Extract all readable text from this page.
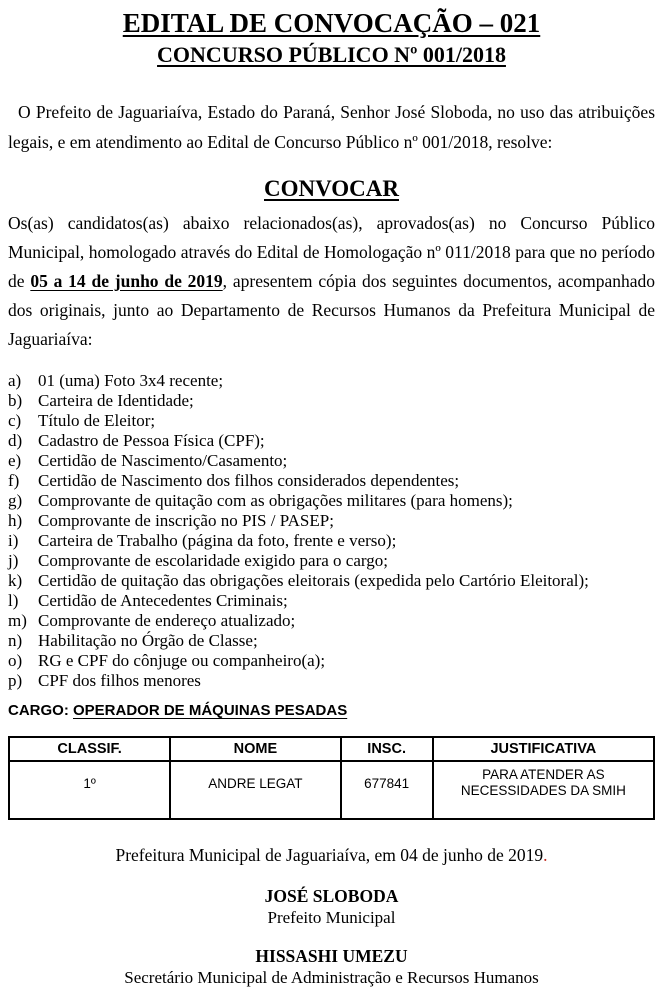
EDITAL DE CONVOCAÇÃO – 021
CONCURSO PÚBLICO Nº 001/2018

O Prefeito de Jaguariaíva, Estado do Paraná, Senhor José Sloboda, no uso das atribuições legais, e em atendimento ao Edital de Concurso Público nº 001/2018, resolve:

CONVOCAR

Os(as) candidatos(as) abaixo relacionados(as), aprovados(as) no Concurso Público Municipal, homologado através do Edital de Homologação nº 011/2018 para que no período de 05 a 14 de junho de 2019, apresentem cópia dos seguintes documentos, acompanhado dos originais, junto ao Departamento de Recursos Humanos da Prefeitura Municipal de Jaguariaíva:

a) 01 (uma) Foto 3x4 recente;
b) Carteira de Identidade;
c) Título de Eleitor;
d) Cadastro de Pessoa Física (CPF);
e) Certidão de Nascimento/Casamento;
f)	Certidão de Nascimento dos filhos considerados dependentes;
g) Comprovante de quitação com as obrigações militares (para homens);
h) Comprovante de inscrição no PIS / PASEP;
i)	Carteira de Trabalho (página da foto, frente e verso);
j)	Comprovante de escolaridade exigido para o cargo;
k) Certidão de quitação das obrigações eleitorais (expedida pelo Cartório Eleitoral);
l)	Certidão de Antecedentes Criminais;
m) Comprovante de endereço atualizado;
n) Habilitação no Órgão de Classe;
o) RG e CPF do cônjuge ou companheiro(a);
p) CPF dos filhos menores
CARGO: OPERADOR DE MÁQUINAS PESADAS
CLASSIF.	NOME	INSC.	JUSTIFICATIVA
1º	ANDRE LEGAT	677841	PARA ATENDER AS NECESSIDADES DA SMIH
Prefeitura Municipal de Jaguariaíva, em 04 de junho de 2019.
JOSÉ SLOBODA
Prefeito Municipal
HISSASHI UMEZU
Secretário Municipal de Administração e Recursos Humanos
